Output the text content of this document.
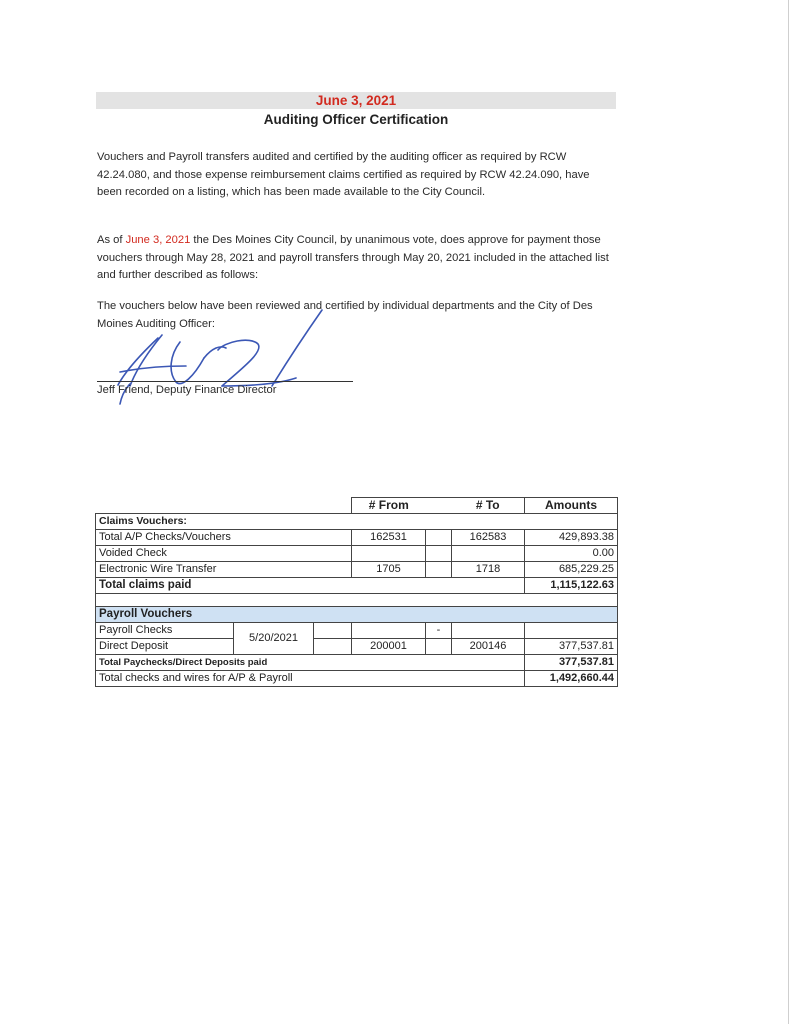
June 3, 2021
Auditing Officer Certification
Vouchers and Payroll transfers audited and certified by the auditing officer as required by RCW 42.24.080, and those expense reimbursement claims certified as required by RCW 42.24.090, have been recorded on a listing, which has been made available to the City Council.
As of June 3, 2021 the Des Moines City Council, by unanimous vote, does approve for payment those vouchers through May 28, 2021 and payroll transfers through May 20, 2021 included in the attached list and further described as follows:
The vouchers below have been reviewed and certified by individual departments and the City of Des Moines Auditing Officer:
Jeff Friend, Deputy Finance Director
			# From		# To	Amounts
Claims Vouchers:						
Total A/P Checks/Vouchers			162531		162583	429,893.38
Voided Check						0.00
Electronic Wire Transfer			1705		1718	685,229.25
Total claims paid						1,115,122.63

Payroll Vouchers						
Payroll Checks	5/20/2021			-		
Direct Deposit			200001		200146	377,537.81
Total Paychecks/Direct Deposits paid						377,537.81
Total checks and wires for A/P & Payroll						1,492,660.44
